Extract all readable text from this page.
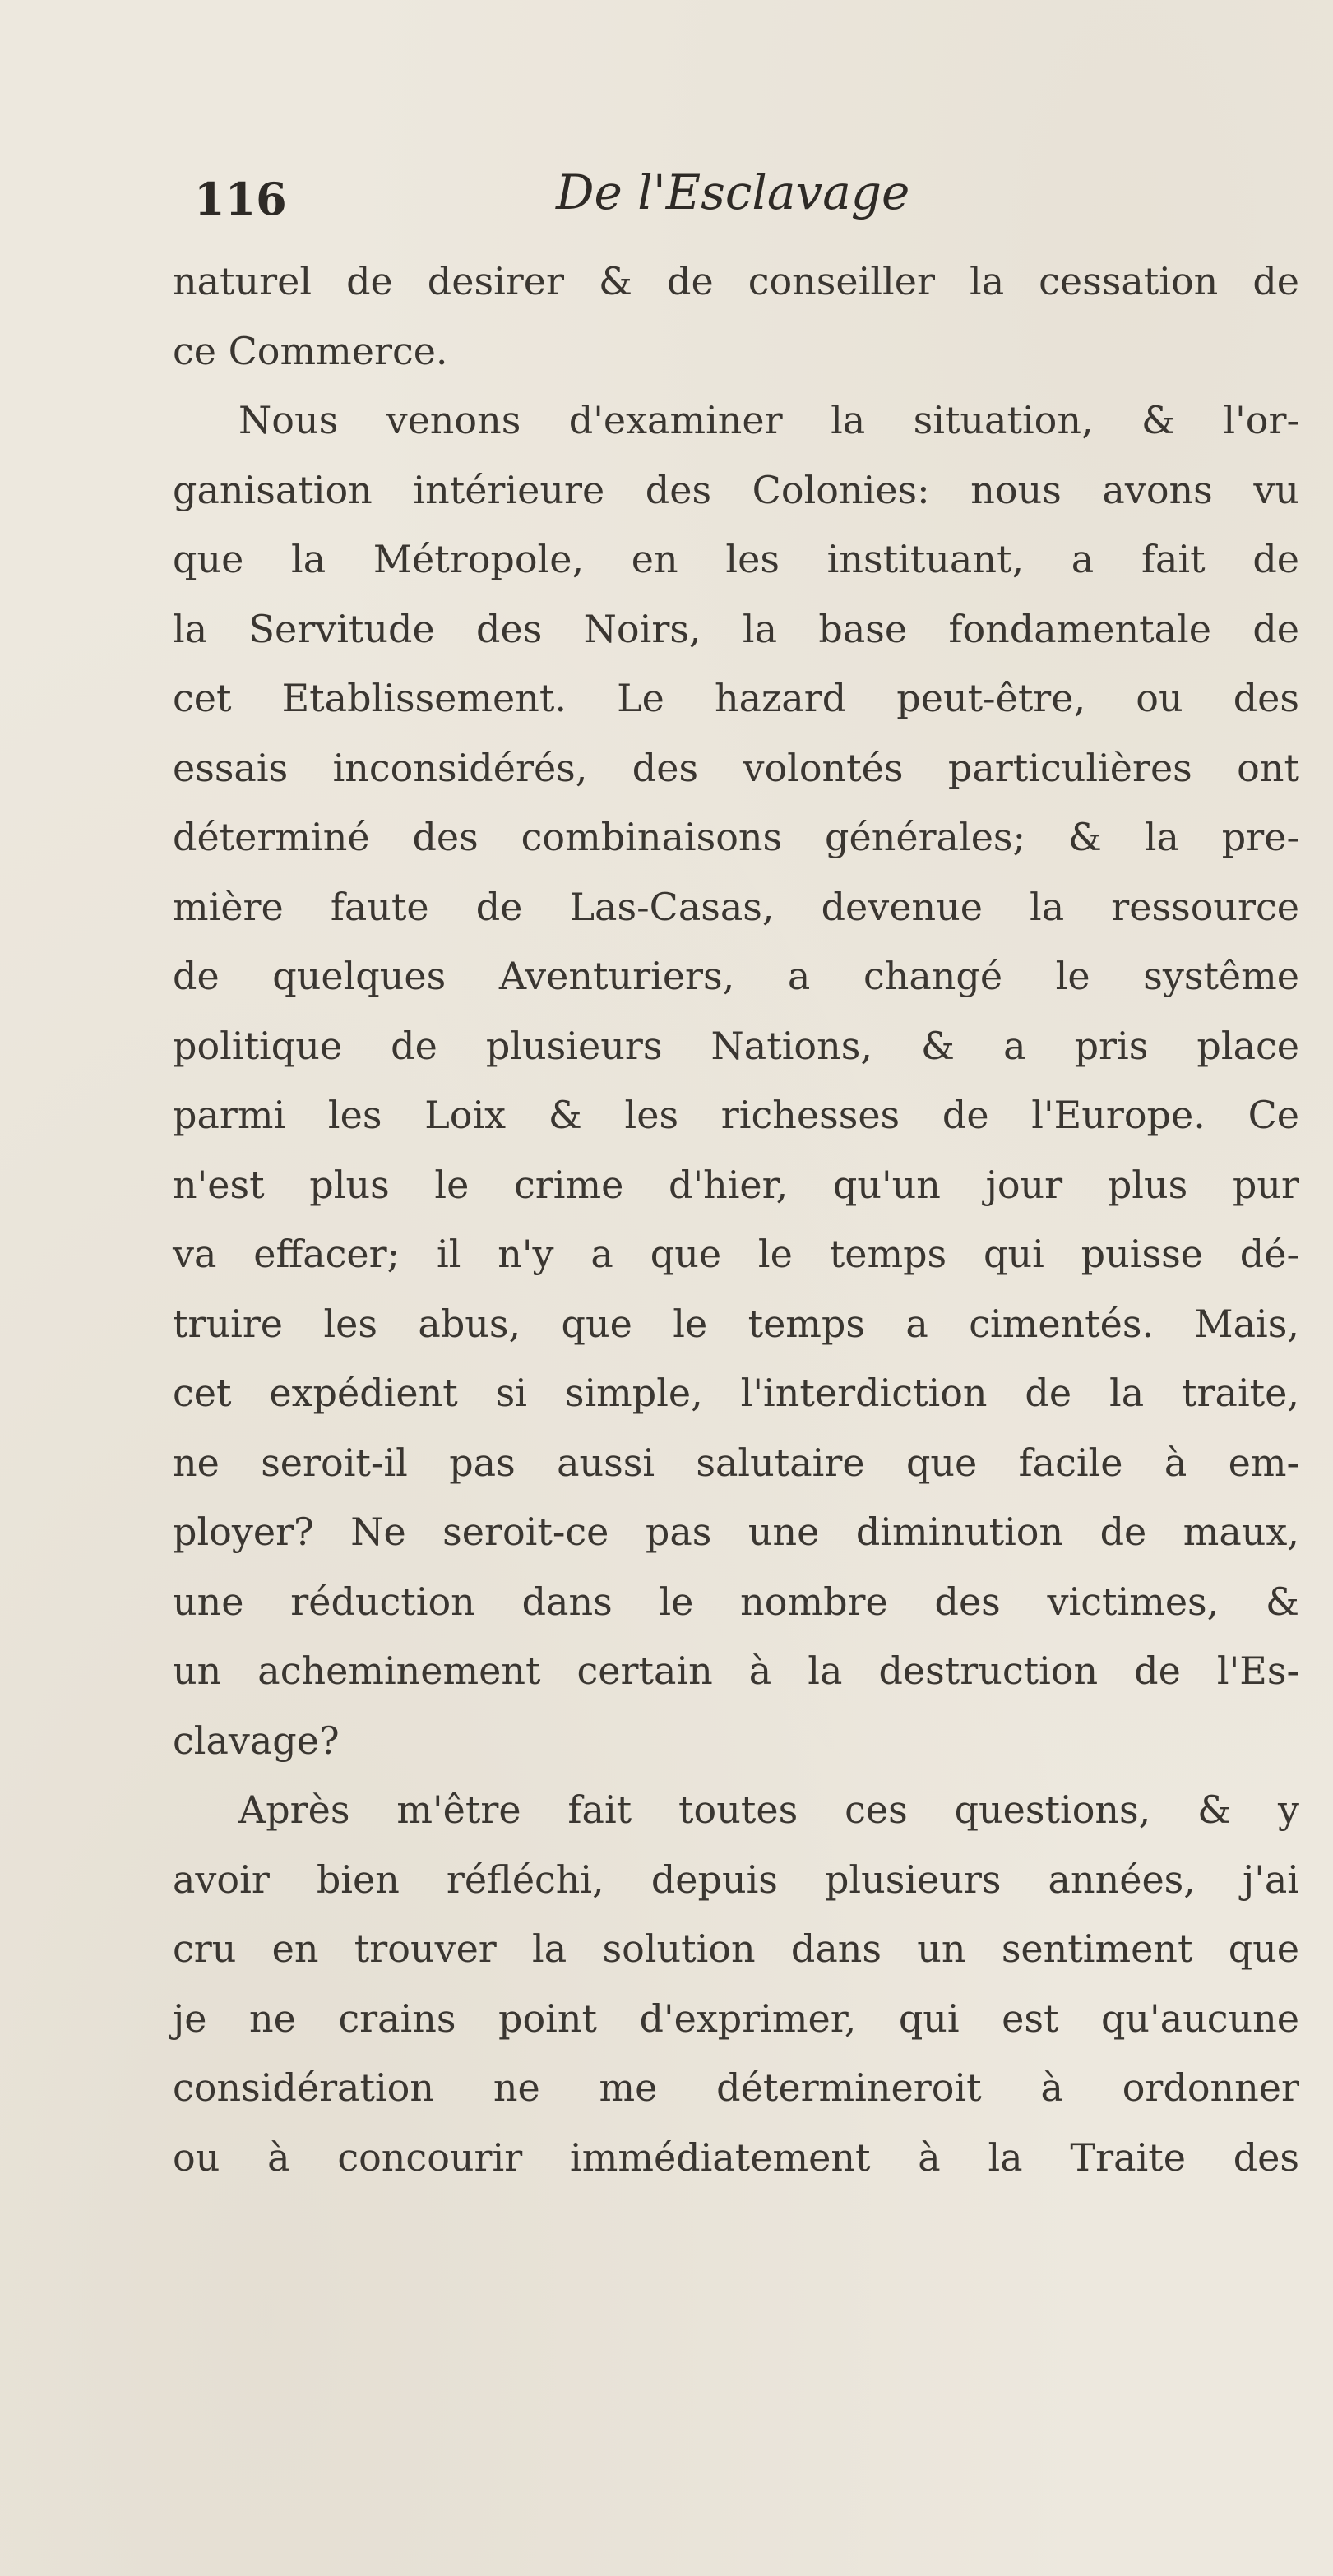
116	De l'Esclavage
naturel de desirer & de conseiller la cessation de
ce Commerce.
Nous venons d'examiner la situation, & l'or-
ganisation intérieure des Colonies: nous avons vu
que la Métropole, en les instituant, a fait de
la Servitude des Noirs, la base fondamentale de
cet Etablissement. Le hazard peut-être, ou des
essais inconsidérés, des volontés particulières ont
déterminé des combinaisons générales; & la pre-
mière faute de Las-Casas, devenue la ressource
de quelques Aventuriers, a changé le systême
politique de plusieurs Nations, & a pris place
parmi les Loix & les richesses de l'Europe. Ce
n'est plus le crime d'hier, qu'un jour plus pur
va effacer; il n'y a que le temps qui puisse dé-
truire les abus, que le temps a cimentés. Mais,
cet expédient si simple, l'interdiction de la traite,
ne seroit-il pas aussi salutaire que facile à em-
ployer? Ne seroit-ce pas une diminution de maux,
une réduction dans le nombre des victimes, &
un acheminement certain à la destruction de l'Es-
clavage?
Après m'être fait toutes ces questions, & y
avoir bien réfléchi, depuis plusieurs années, j'ai
cru en trouver la solution dans un sentiment que
je ne crains point d'exprimer, qui est qu'aucune
considération ne me détermineroit à ordonner
ou à concourir immédiatement à la Traite des
